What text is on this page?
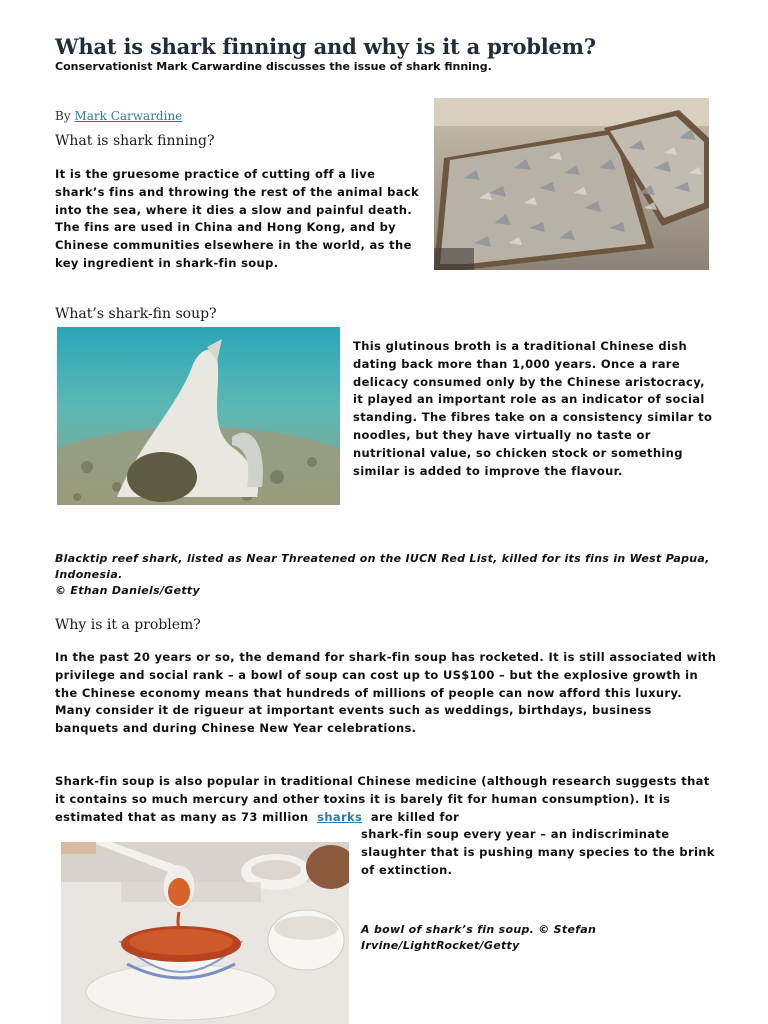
What is shark finning and why is it a problem?
Conservationist Mark Carwardine discusses the issue of shark finning.
By Mark Carwardine
What is shark finning?
It is the gruesome practice of cutting off a live shark’s fins and throwing the rest of the animal back into the sea, where it dies a slow and painful death. The fins are used in China and Hong Kong, and by Chinese communities elsewhere in the world, as the key ingredient in shark-fin soup.
What’s shark-fin soup?
This glutinous broth is a traditional Chinese dish dating back more than 1,000 years. Once a rare delicacy consumed only by the Chinese aristocracy, it played an important role as an indicator of social standing. The fibres take on a consistency similar to noodles, but they have virtually no taste or nutritional value, so chicken stock or something similar is added to improve the flavour.
Blacktip reef shark, listed as Near Threatened on the IUCN Red List, killed for its fins in West Papua, Indonesia.
© Ethan Daniels/Getty
Why is it a problem?
In the past 20 years or so, the demand for shark-fin soup has rocketed. It is still associated with privilege and social rank – a bowl of soup can cost up to US$100 – but the explosive growth in the Chinese economy means that hundreds of millions of people can now afford this luxury. Many consider it de rigueur at important events such as weddings, birthdays, business banquets and during Chinese New Year celebrations.
Shark-fin soup is also popular in traditional Chinese medicine (although research suggests that it contains so much mercury and other toxins it is barely fit for human consumption). It is estimated that as many as 73 million sharks are killed for
shark-fin soup every year – an indiscriminate slaughter that is pushing many species to the brink of extinction.
A bowl of shark’s fin soup. © Stefan Irvine/LightRocket/Getty
